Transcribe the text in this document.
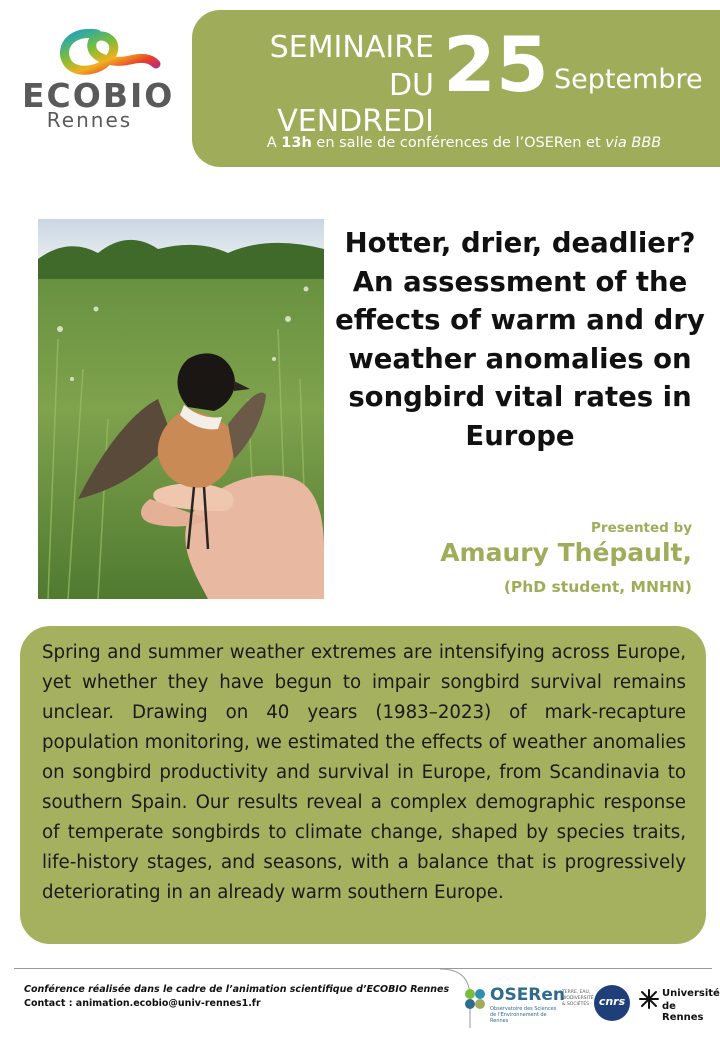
ECOBIO
Rennes
SEMINAIRE
DU VENDREDI
25 Septembre
A 13h en salle de conférences de l’OSERen et via BBB
Hotter, drier, deadlier? An assessment of the effects of warm and dry weather anomalies on songbird vital rates in Europe
Presented by
Amaury Thépault,
(PhD student, MNHN)
Spring and summer weather extremes are intensifying across Europe, yet whether they have begun to impair songbird survival remains unclear. Drawing on 40 years (1983–2023) of mark-recapture population monitoring, we estimated the effects of weather anomalies on songbird productivity and survival in Europe, from Scandinavia to southern Spain. Our results reveal a complex demographic response of temperate songbirds to climate change, shaped by species traits, life-history stages, and seasons, with a balance that is progressively deteriorating in an already warm southern Europe.
Conférence réalisée dans le cadre de l’animation scientifique d’ECOBIO Rennes
Contact : animation.ecobio@univ-rennes1.fr	OSERen
Observatoire des Sciences de l'Environnement de Rennes
TERRE, EAU, BIODIVERSITÉ & SOCIÉTÉS cnrs
Université
de Rennes
